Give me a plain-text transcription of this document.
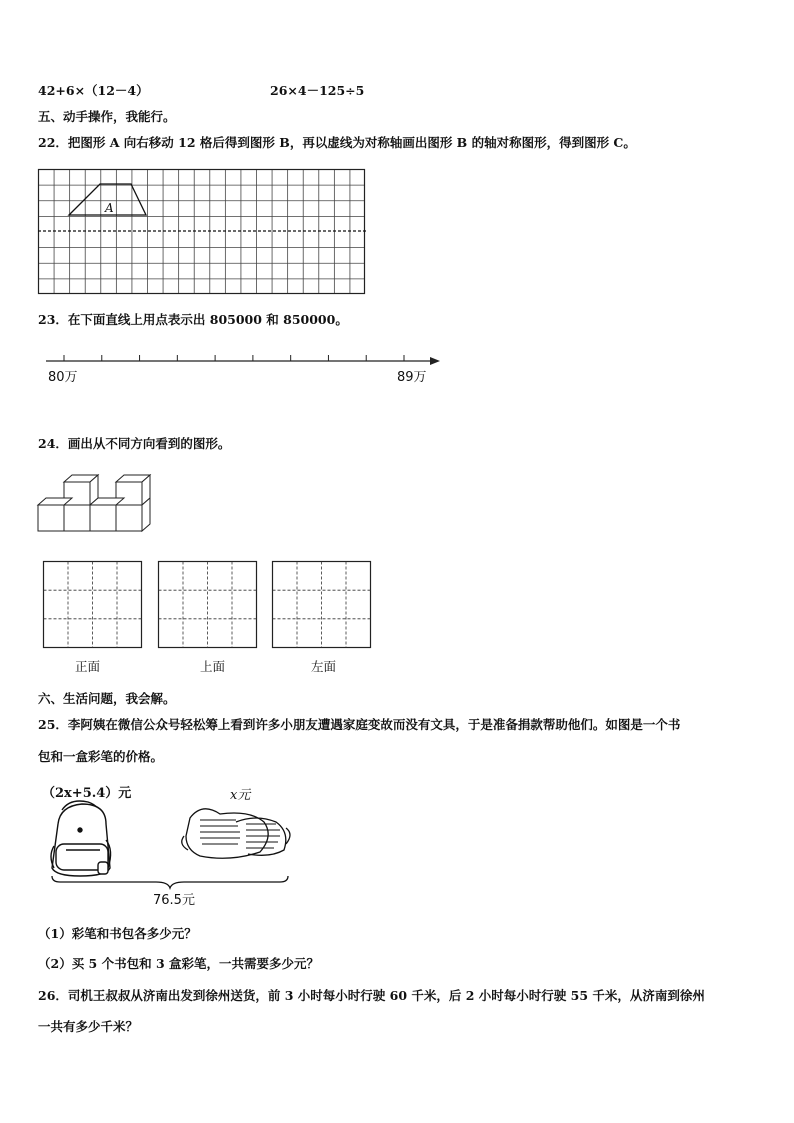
42+6×（12－4）	26×4－125÷5
五、动手操作，我能行。
22．把图形 A 向右移动 12 格后得到图形 B，再以虚线为对称轴画出图形 B 的轴对称图形，得到图形 C。
A
23．在下面直线上用点表示出 805000 和 850000。
80万	89万
24．画出从不同方向看到的图形。
正面	上面	左面
六、生活问题，我会解。
25．李阿姨在微信公众号轻松筹上看到许多小朋友遭遇家庭变故而没有文具，于是准备捐款帮助他们。如图是一个书
包和一盒彩笔的价格。
（2x+5.4）元	x元
76.5元
（1）彩笔和书包各多少元？
（2）买 5 个书包和 3 盒彩笔，一共需要多少元？
26．司机王叔叔从济南出发到徐州送货，前 3 小时每小时行驶 60 千米，后 2 小时每小时行驶 55 千米，从济南到徐州
一共有多少千米？
